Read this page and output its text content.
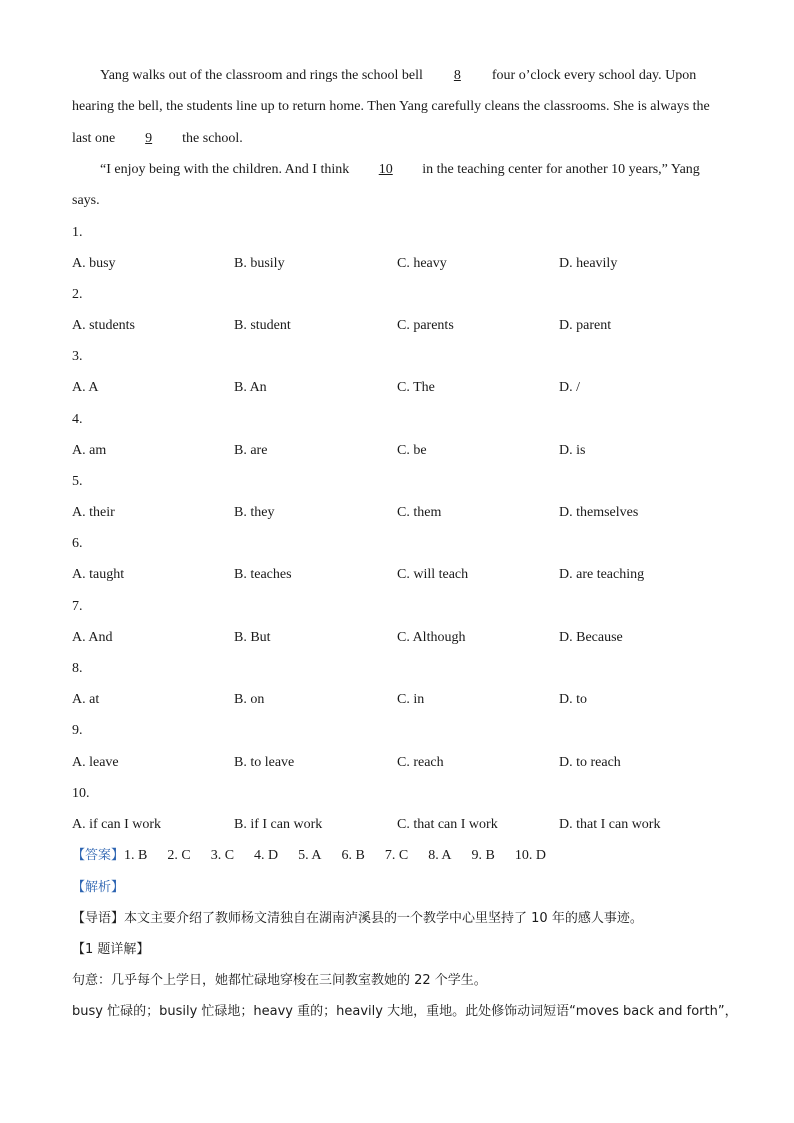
Yang walks out of the classroom and rings the school bell 8 four o’clock every school day. Upon
hearing the bell, the students line up to return home. Then Yang carefully cleans the classrooms. She is always the
last one 9 the school.
“I enjoy being with the children. And I think 10 in the teaching center for another 10 years,” Yang
says.
1.
A. busy	B. busily	C. heavy	D. heavily
2.
A. students	B. student	C. parents	D. parent
3.
A. A	B. An	C. The	D. /
4.
A. am	B. are	C. be	D. is
5.
A. their	B. they	C. them	D. themselves
6.
A. taught	B. teaches	C. will teach	D. are teaching
7.
A. And	B. But	C. Although	D. Because
8.
A. at	B. on	C. in	D. to
9.
A. leave	B. to leave	C. reach	D. to reach
10.
A. if can I work	B. if I can work	C. that can I work	D. that I can work
【答案】1. B 2. C 3. C 4. D 5. A 6. B 7. C 8. A 9. B 10. D
【解析】
【导语】本文主要介绍了教师杨文清独自在湖南泸溪县的一个教学中心里坚持了 10 年的感人事迹。
【1 题详解】
句意：几乎每个上学日，她都忙碌地穿梭在三间教室教她的 22 个学生。
busy 忙碌的；busily 忙碌地；heavy 重的；heavily 大地，重地。此处修饰动词短语“moves back and forth”，
